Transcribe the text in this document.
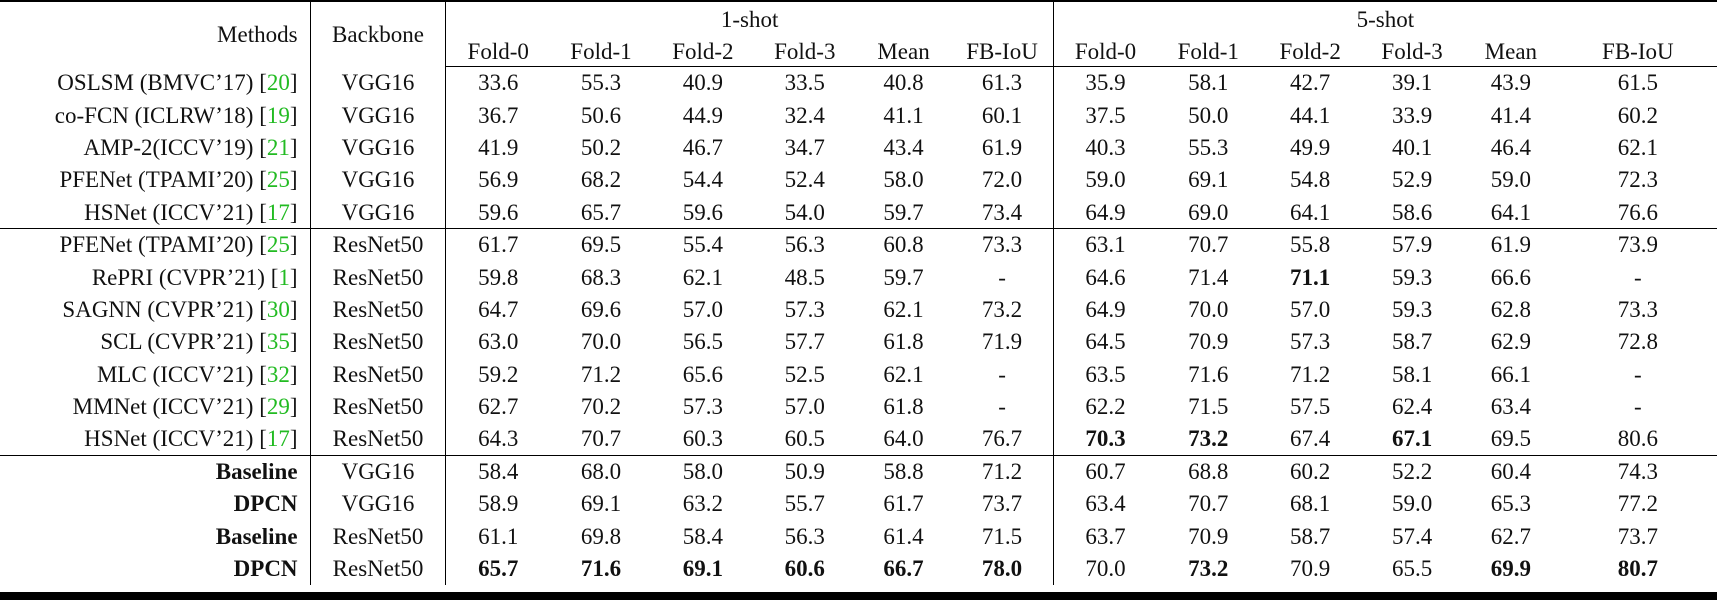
Methods	Backbone	1-shot						5-shot					
		Fold-0	Fold-1	Fold-2	Fold-3	Mean	FB-IoU	Fold-0	Fold-1	Fold-2	Fold-3	Mean	FB-IoU
OSLSM (BMVC’17) [20]	VGG16	33.6	55.3	40.9	33.5	40.8	61.3	35.9	58.1	42.7	39.1	43.9	61.5
co-FCN (ICLRW’18) [19]	VGG16	36.7	50.6	44.9	32.4	41.1	60.1	37.5	50.0	44.1	33.9	41.4	60.2
AMP-2(ICCV’19) [21]	VGG16	41.9	50.2	46.7	34.7	43.4	61.9	40.3	55.3	49.9	40.1	46.4	62.1
PFENet (TPAMI’20) [25]	VGG16	56.9	68.2	54.4	52.4	58.0	72.0	59.0	69.1	54.8	52.9	59.0	72.3
HSNet (ICCV’21) [17]	VGG16	59.6	65.7	59.6	54.0	59.7	73.4	64.9	69.0	64.1	58.6	64.1	76.6
PFENet (TPAMI’20) [25]	ResNet50	61.7	69.5	55.4	56.3	60.8	73.3	63.1	70.7	55.8	57.9	61.9	73.9
RePRI (CVPR’21) [1]	ResNet50	59.8	68.3	62.1	48.5	59.7	-	64.6	71.4	71.1	59.3	66.6	-
SAGNN (CVPR’21) [30]	ResNet50	64.7	69.6	57.0	57.3	62.1	73.2	64.9	70.0	57.0	59.3	62.8	73.3
SCL (CVPR’21) [35]	ResNet50	63.0	70.0	56.5	57.7	61.8	71.9	64.5	70.9	57.3	58.7	62.9	72.8
MLC (ICCV’21) [32]	ResNet50	59.2	71.2	65.6	52.5	62.1	-	63.5	71.6	71.2	58.1	66.1	-
MMNet (ICCV’21) [29]	ResNet50	62.7	70.2	57.3	57.0	61.8	-	62.2	71.5	57.5	62.4	63.4	-
HSNet (ICCV’21) [17]	ResNet50	64.3	70.7	60.3	60.5	64.0	76.7	70.3	73.2	67.4	67.1	69.5	80.6
Baseline	VGG16	58.4	68.0	58.0	50.9	58.8	71.2	60.7	68.8	60.2	52.2	60.4	74.3
DPCN	VGG16	58.9	69.1	63.2	55.7	61.7	73.7	63.4	70.7	68.1	59.0	65.3	77.2
Baseline	ResNet50	61.1	69.8	58.4	56.3	61.4	71.5	63.7	70.9	58.7	57.4	62.7	73.7
DPCN	ResNet50	65.7	71.6	69.1	60.6	66.7	78.0	70.0	73.2	70.9	65.5	69.9	80.7
